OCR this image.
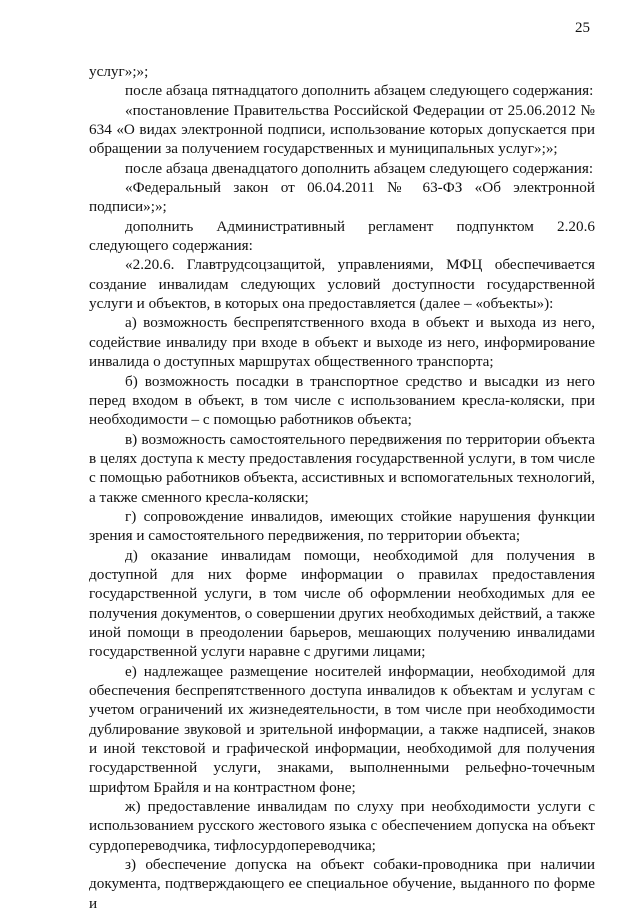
25

услуг»;»;

после абзаца пятнадцатого дополнить абзацем следующего содержания:

«постановление Правительства Российской Федерации от 25.06.2012 № 634 «О видах электронной подписи, использование которых допускается при обращении за получением государственных и муниципальных услуг»;»;

после абзаца двенадцатого дополнить абзацем следующего содержания:

«Федеральный закон от 06.04.2011 № 63-ФЗ «Об электронной подписи»;»;

дополнить Административный регламент подпунктом 2.20.6 следующего содержания:

«2.20.6. Главтрудсоцзащитой, управлениями, МФЦ обеспечивается создание инвалидам следующих условий доступности государственной услуги и объектов, в которых она предоставляется (далее – «объекты»):

а) возможность беспрепятственного входа в объект и выхода из него, содействие инвалиду при входе в объект и выходе из него, информирование инвалида о доступных маршрутах общественного транспорта;

б) возможность посадки в транспортное средство и высадки из него перед входом в объект, в том числе с использованием кресла-коляски, при необходимости – с помощью работников объекта;

в) возможность самостоятельного передвижения по территории объекта в целях доступа к месту предоставления государственной услуги, в том числе с помощью работников объекта, ассистивных и вспомогательных технологий, а также сменного кресла-коляски;

г) сопровождение инвалидов, имеющих стойкие нарушения функции зрения и самостоятельного передвижения, по территории объекта;

д) оказание инвалидам помощи, необходимой для получения в доступной для них форме информации о правилах предоставления государственной услуги, в том числе об оформлении необходимых для ее получения документов, о совершении других необходимых действий, а также иной помощи в преодолении барьеров, мешающих получению инвалидами государственной услуги наравне с другими лицами;

е) надлежащее размещение носителей информации, необходимой для обеспечения беспрепятственного доступа инвалидов к объектам и услугам с учетом ограничений их жизнедеятельности, в том числе при необходимости дублирование звуковой и зрительной информации, а также надписей, знаков и иной текстовой и графической информации, необходимой для получения государственной услуги, знаками, выполненными рельефно-точечным шрифтом Брайля и на контрастном фоне;

ж) предоставление инвалидам по слуху при необходимости услуги с использованием русского жестового языка с обеспечением допуска на объект сурдопереводчика, тифлосурдопереводчика;

з) обеспечение допуска на объект собаки-проводника при наличии документа, подтверждающего ее специальное обучение, выданного по форме и
